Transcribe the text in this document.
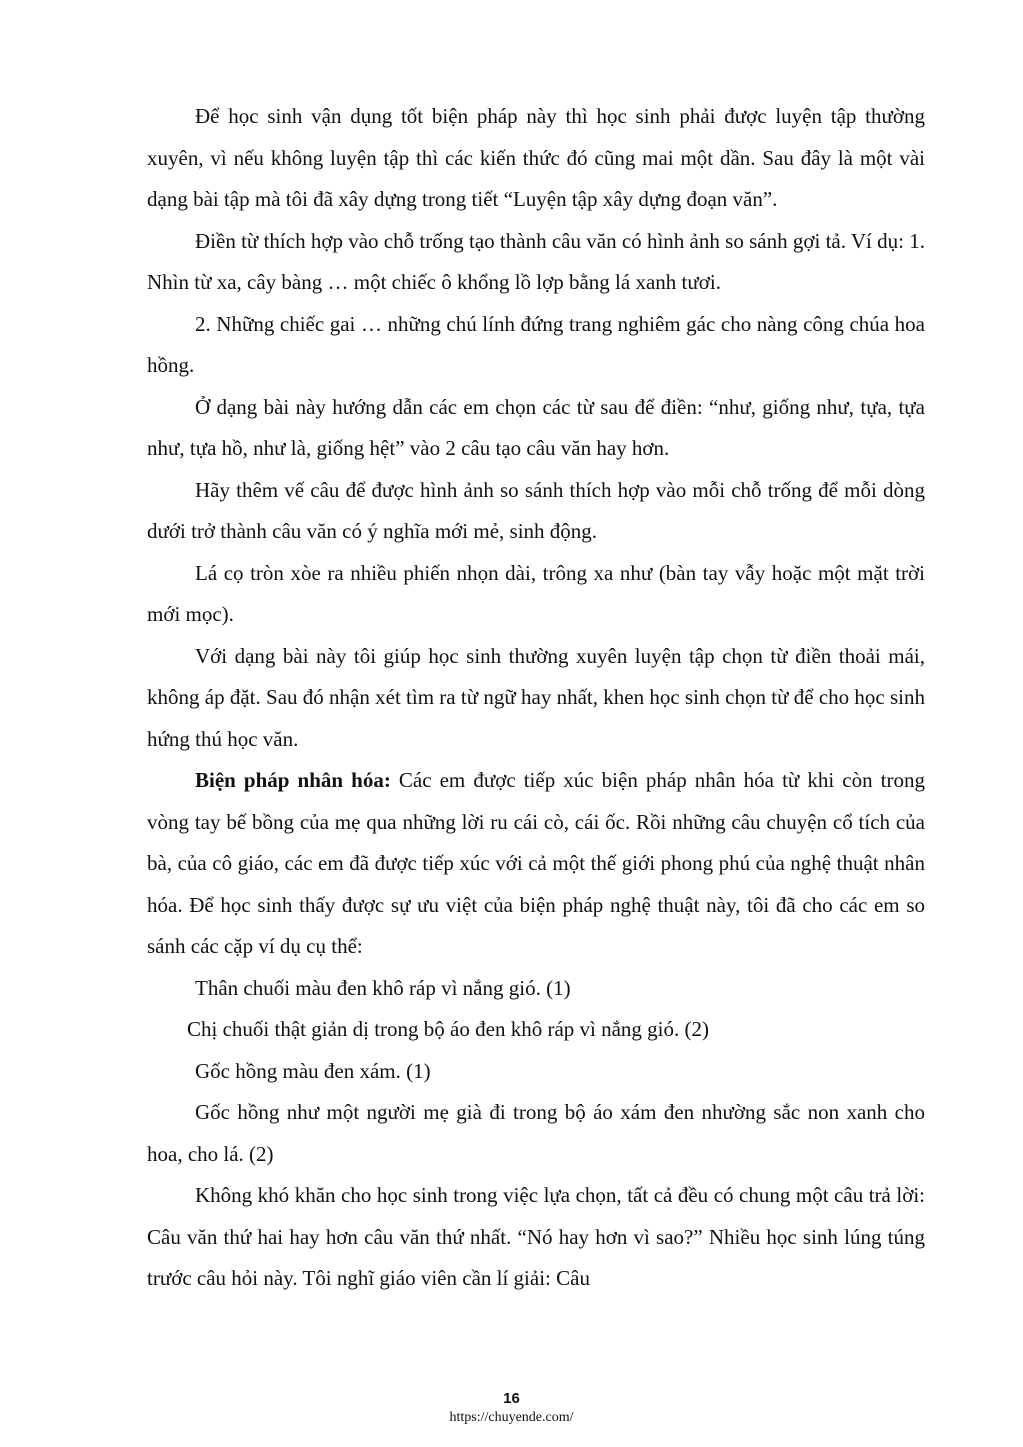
Để học sinh vận dụng tốt biện pháp này thì học sinh phải được luyện tập thường xuyên, vì nếu không luyện tập thì các kiến thức đó cũng mai một dần. Sau đây là một vài dạng bài tập mà tôi đã xây dựng trong tiết “Luyện tập xây dựng đoạn văn”.

Điền từ thích hợp vào chỗ trống tạo thành câu văn có hình ảnh so sánh gợi tả. Ví dụ: 1. Nhìn từ xa, cây bàng … một chiếc ô khổng lồ lợp bằng lá xanh tươi.

2. Những chiếc gai … những chú lính đứng trang nghiêm gác cho nàng công chúa hoa hồng.

Ở dạng bài này hướng dẫn các em chọn các từ sau để điền: “như, giống như, tựa, tựa như, tựa hồ, như là, giống hệt” vào 2 câu tạo câu văn hay hơn.

Hãy thêm vế câu để được hình ảnh so sánh thích hợp vào mỗi chỗ trống để mỗi dòng dưới trở thành câu văn có ý nghĩa mới mẻ, sinh động.

Lá cọ tròn xòe ra nhiều phiến nhọn dài, trông xa như (bàn tay vẫy hoặc một mặt trời mới mọc).

Với dạng bài này tôi giúp học sinh thường xuyên luyện tập chọn từ điền thoải mái, không áp đặt. Sau đó nhận xét tìm ra từ ngữ hay nhất, khen học sinh chọn từ để cho học sinh hứng thú học văn.

Biện pháp nhân hóa: Các em được tiếp xúc biện pháp nhân hóa từ khi còn trong vòng tay bế bồng của mẹ qua những lời ru cái cò, cái ốc. Rồi những câu chuyện cổ tích của bà, của cô giáo, các em đã được tiếp xúc với cả một thế giới phong phú của nghệ thuật nhân hóa. Để học sinh thấy được sự ưu việt của biện pháp nghệ thuật này, tôi đã cho các em so sánh các cặp ví dụ cụ thể:

Thân chuối màu đen khô ráp vì nắng gió. (1)

Chị chuối thật giản dị trong bộ áo đen khô ráp vì nắng gió. (2)

Gốc hồng màu đen xám. (1)

Gốc hồng như một người mẹ già đi trong bộ áo xám đen nhường sắc non xanh cho hoa, cho lá. (2)

Không khó khăn cho học sinh trong việc lựa chọn, tất cả đều có chung một câu trả lời: Câu văn thứ hai hay hơn câu văn thứ nhất. “Nó hay hơn vì sao?” Nhiều học sinh lúng túng trước câu hỏi này. Tôi nghĩ giáo viên cần lí giải: Câu

16
https://chuyende.com/
